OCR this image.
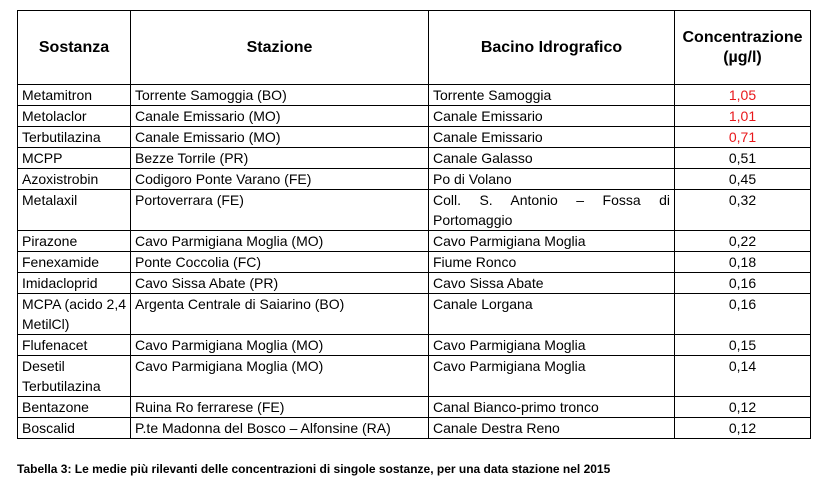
Sostanza	Stazione	Bacino Idrografico	Concentrazione
(µg/l)
Metamitron	Torrente Samoggia (BO)	Torrente Samoggia	1,05
Metolaclor	Canale Emissario (MO)	Canale Emissario	1,01
Terbutilazina	Canale Emissario (MO)	Canale Emissario	0,71
MCPP	Bezze Torrile (PR)	Canale Galasso	0,51
Azoxistrobin	Codigoro Ponte Varano (FE)	Po di Volano	0,45
Metalaxil	Portoverrara (FE)	Coll. S. Antonio – Fossa di Portomaggio	0,32
Pirazone	Cavo Parmigiana Moglia (MO)	Cavo Parmigiana Moglia	0,22
Fenexamide	Ponte Coccolia (FC)	Fiume Ronco	0,18
Imidacloprid	Cavo Sissa Abate (PR)	Cavo Sissa Abate	0,16
MCPA (acido 2,4 MetilCl)	Argenta Centrale di Saiarino (BO)	Canale Lorgana	0,16
Flufenacet	Cavo Parmigiana Moglia (MO)	Cavo Parmigiana Moglia	0,15
Desetil Terbutilazina	Cavo Parmigiana Moglia (MO)	Cavo Parmigiana Moglia	0,14
Bentazone	Ruina Ro ferrarese (FE)	Canal Bianco-primo tronco	0,12
Boscalid	P.te Madonna del Bosco – Alfonsine (RA)	Canale Destra Reno	0,12
Tabella 3: Le medie più rilevanti delle concentrazioni di singole sostanze, per una data stazione nel 2015
